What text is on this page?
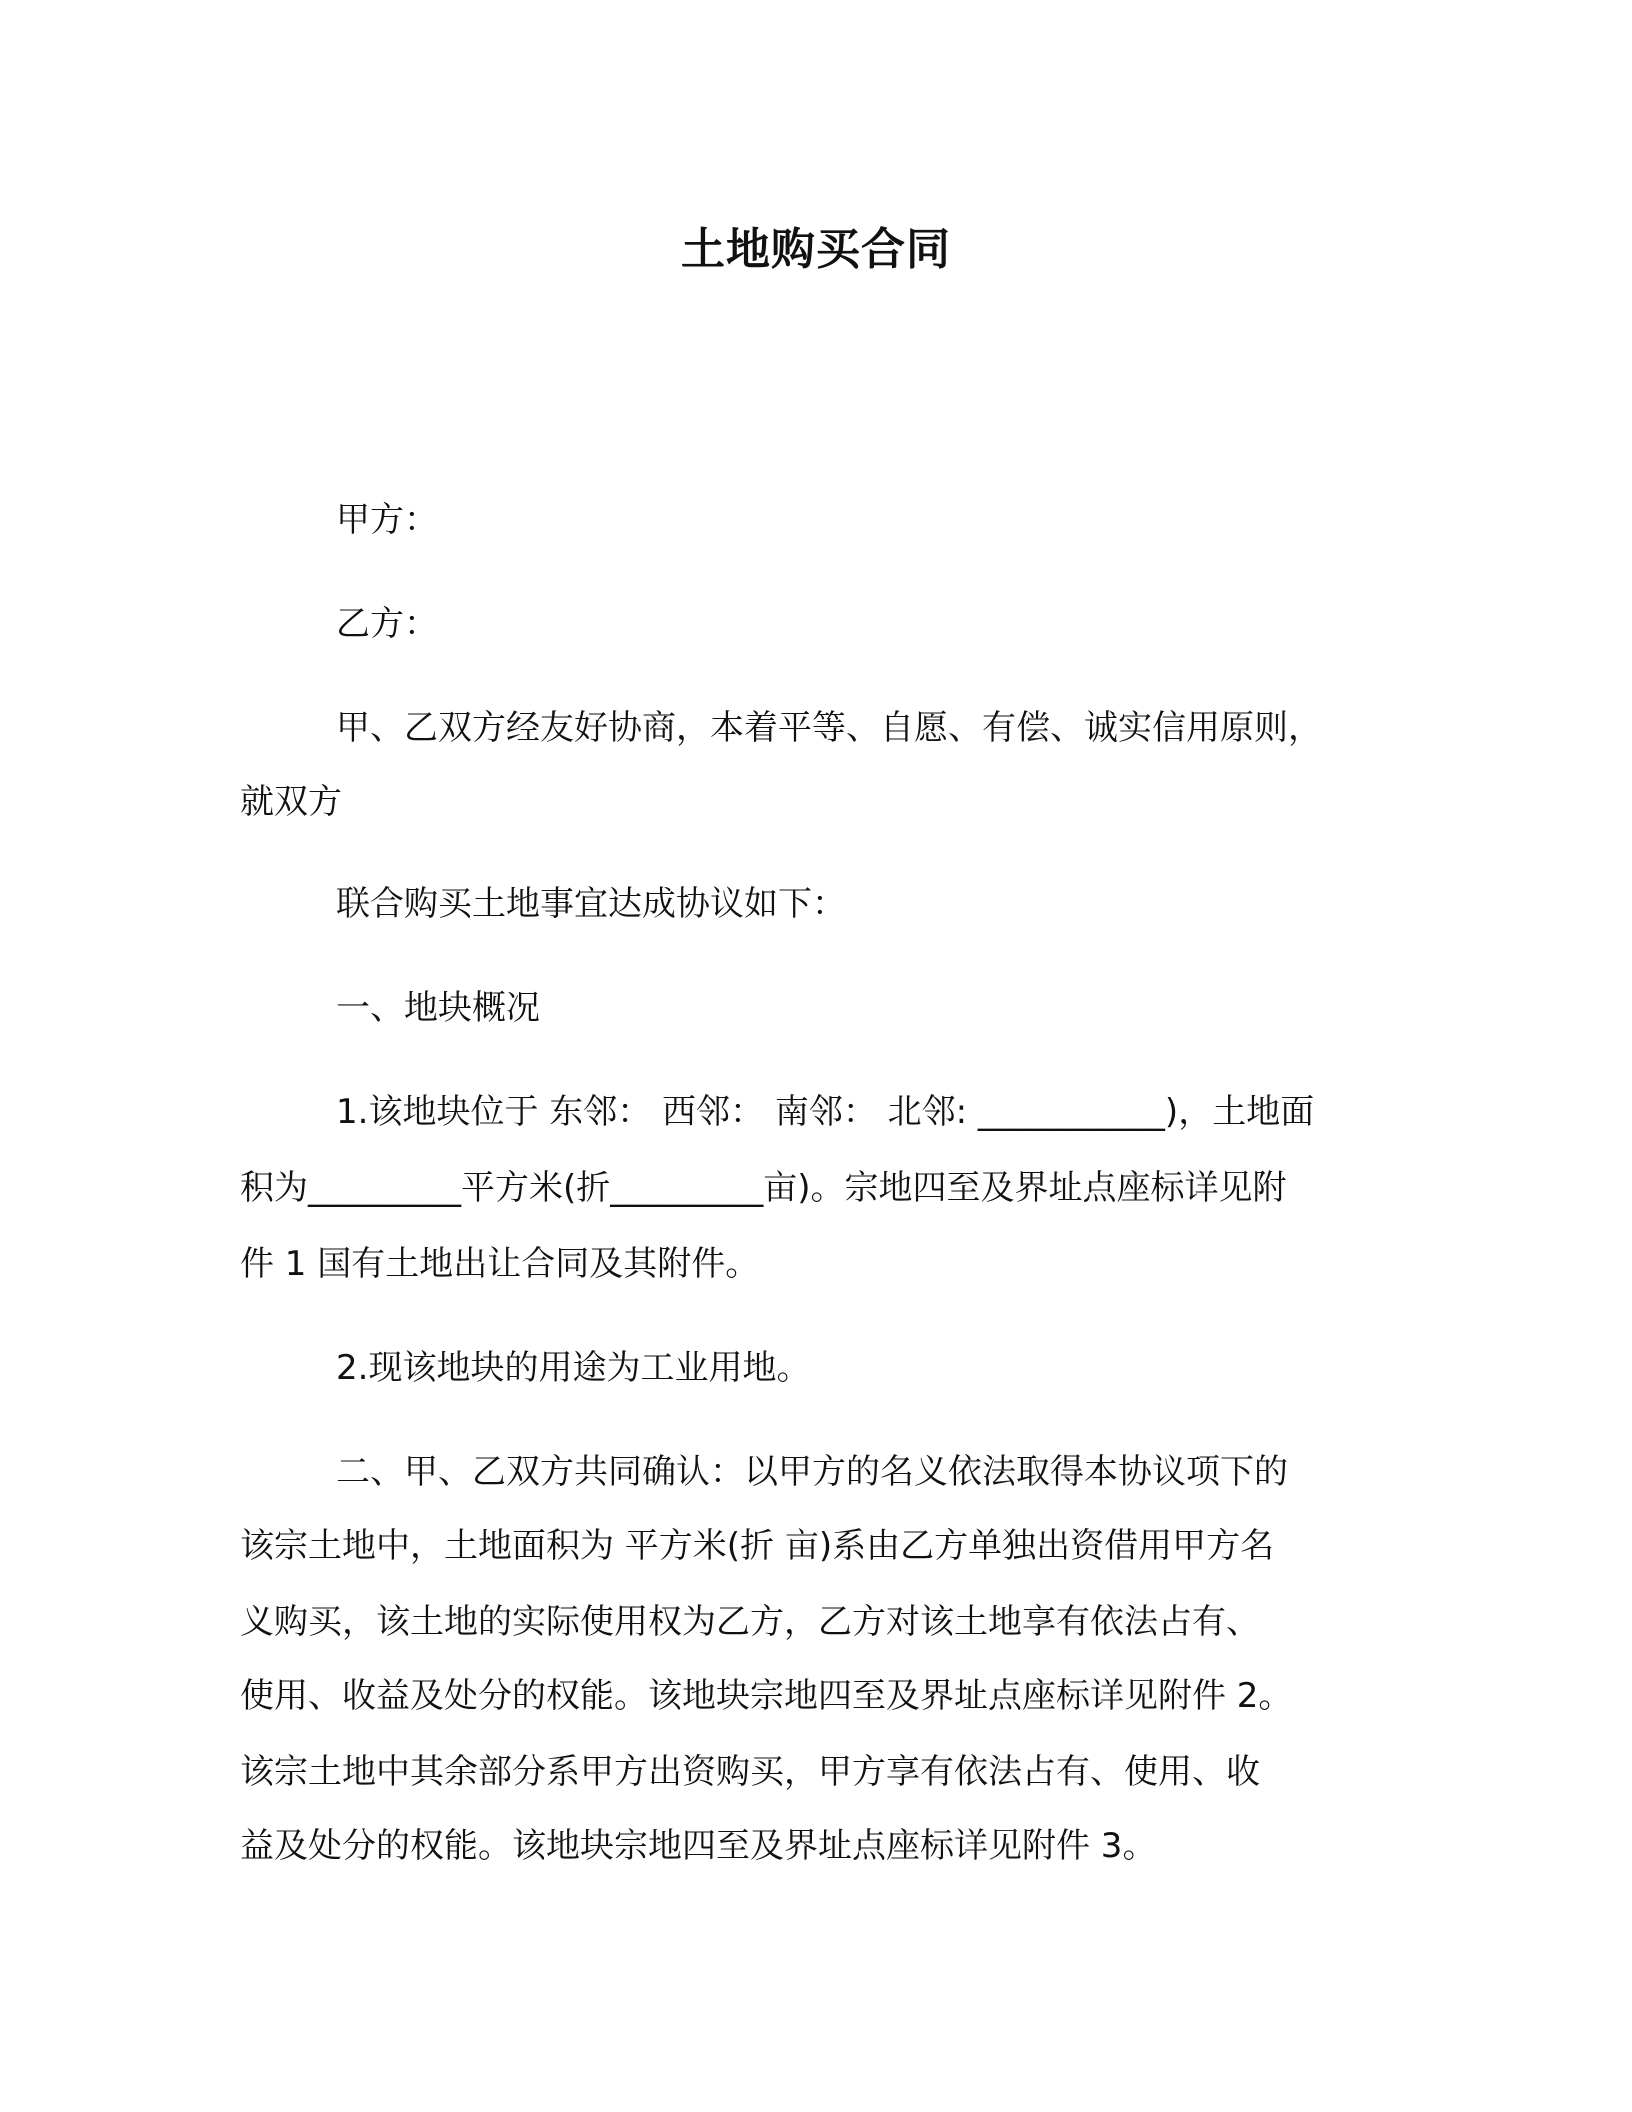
土地购买合同
甲方：
乙方：
甲、乙双方经友好协商，本着平等、自愿、有偿、诚实信用原则，
就双方
联合购买土地事宜达成协议如下：
一、地块概况
1.该地块位于 东邻： 西邻： 南邻： 北邻: ___________)，土地面
积为_________平方米(折_________亩)。宗地四至及界址点座标详见附
件 1 国有土地出让合同及其附件。
2.现该地块的用途为工业用地。
二、甲、乙双方共同确认：以甲方的名义依法取得本协议项下的
该宗土地中，土地面积为 平方米(折 亩)系由乙方单独出资借用甲方名
义购买，该土地的实际使用权为乙方，乙方对该土地享有依法占有、
使用、收益及处分的权能。该地块宗地四至及界址点座标详见附件 2。
该宗土地中其余部分系甲方出资购买，甲方享有依法占有、使用、收
益及处分的权能。该地块宗地四至及界址点座标详见附件 3。
